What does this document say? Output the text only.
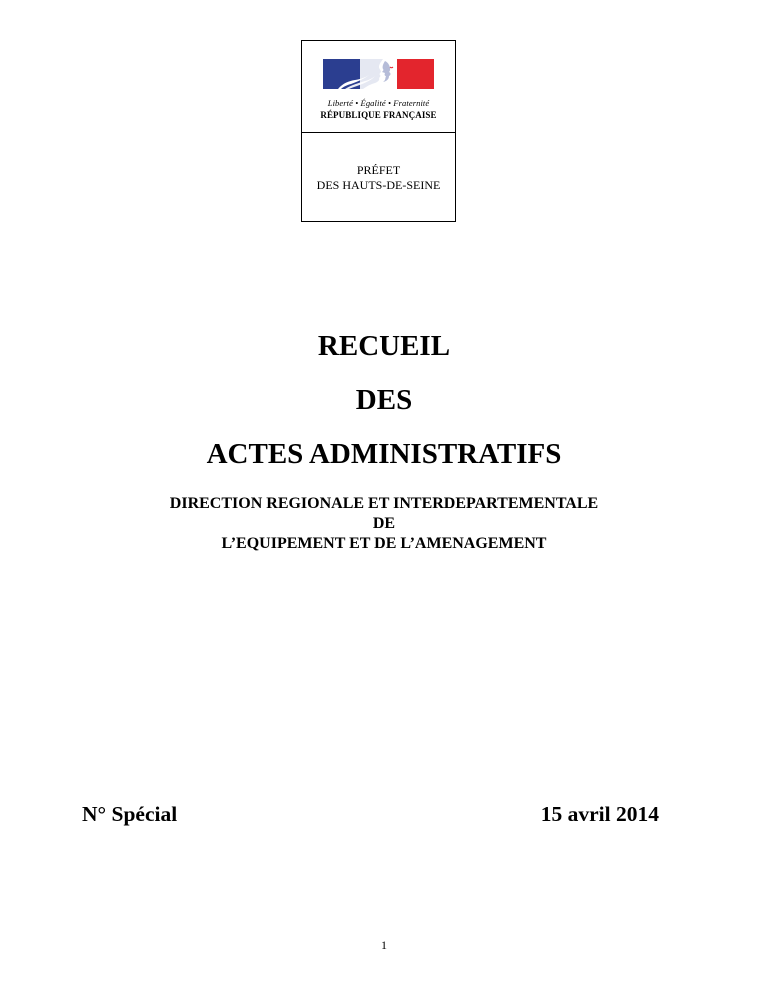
Liberté • Égalité • Fraternité
RÉPUBLIQUE FRANÇAISE
PRÉFET
DES HAUTS-DE-SEINE
RECUEIL
DES
ACTES ADMINISTRATIFS
DIRECTION REGIONALE ET INTERDEPARTEMENTALE
DE
L’EQUIPEMENT ET DE L’AMENAGEMENT
N° Spécial	15 avril 2014
1
